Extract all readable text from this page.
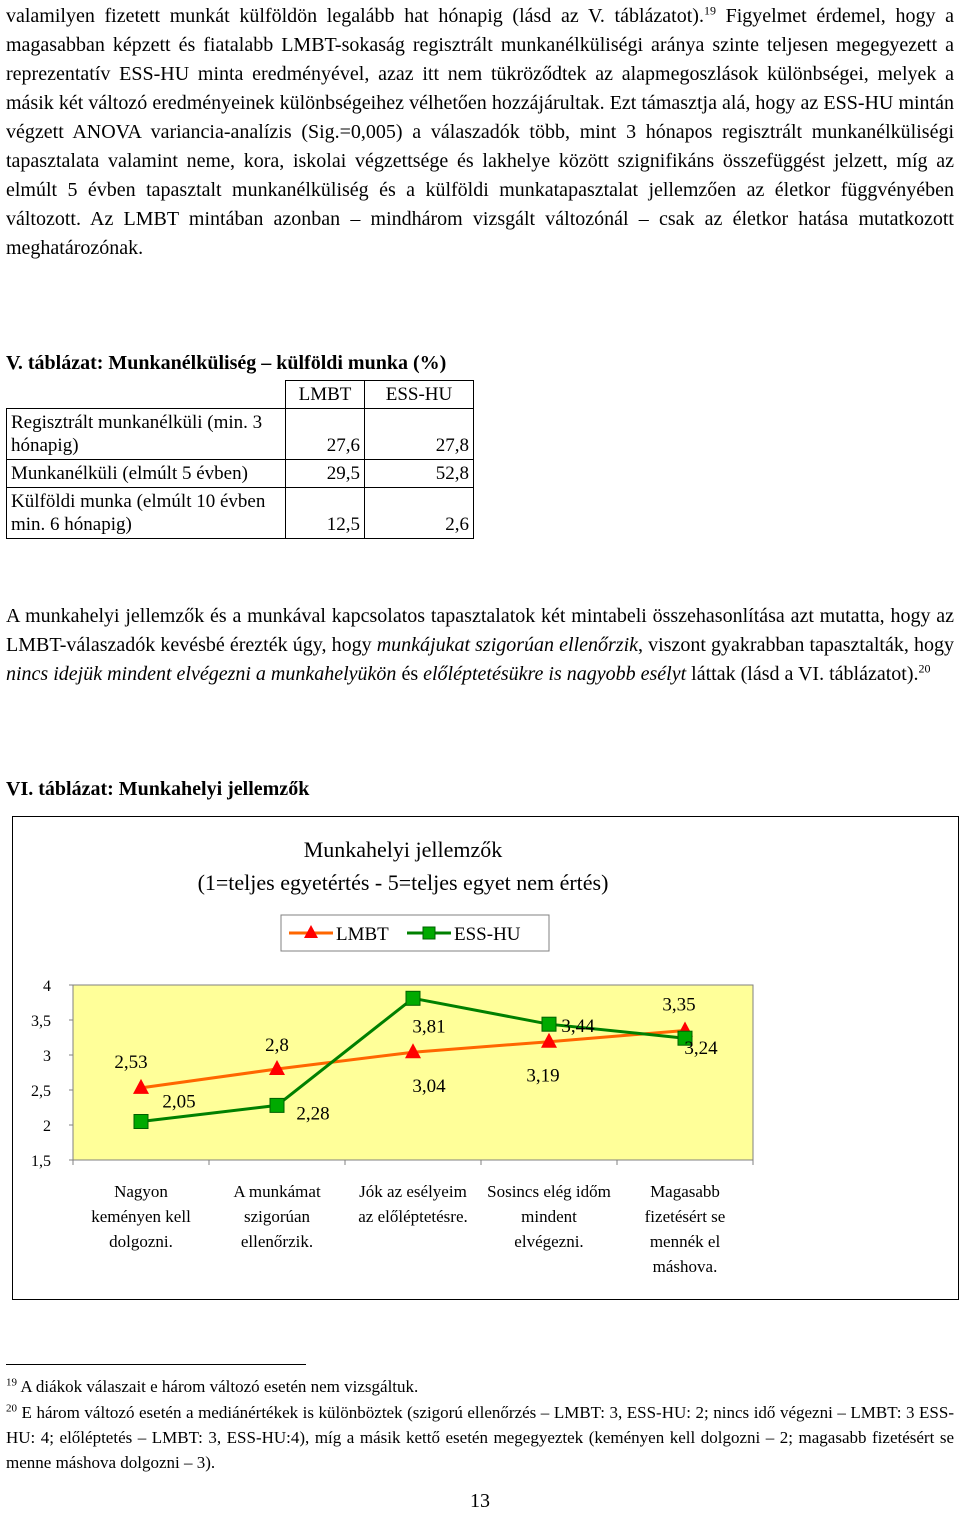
valamilyen fizetett munkát külföldön legalább hat hónapig (lásd az V. táblázatot).$^{19}$ Figyelmet érdemel, hogy a magasabban képzett és fiatalabb LMBT-sokaság regisztrált munkanélküliségi aránya szinte teljesen megegyezett a reprezentatív ESS-HU minta eredményével, azaz itt nem tükröződtek az alapmegoszlások különbségei, melyek a másik két változó eredményeinek különbségeihez vélhetően hozzájárultak. Ezt támasztja alá, hogy az ESS-HU mintán végzett ANOVA variancia-analízis (Sig.=0,005) a válaszadók több, mint 3 hónapos regisztrált munkanélküliségi tapasztalata valamint neme, kora, iskolai végzettsége és lakhelye között szignifikáns összefüggést jelzett, míg az elmúlt 5 évben tapasztalt munkanélküliség és a külföldi munkatapasztalat jellemzően az életkor függvényében változott. Az LMBT mintában azonban – mindhárom vizsgált változónál – csak az életkor hatása mutatkozott meghatározónak.

V. táblázat: Munkanélküliség – külföldi munka (%)

	LMBT	ESS-HU
Regisztrált munkanélküli (min. 3 hónapig)	27,6	27,8
Munkanélküli (elmúlt 5 évben)	29,5	52,8
Külföldi munka (elmúlt 10 évben min. 6 hónapig)	12,5	2,6

A munkahelyi jellemzők és a munkával kapcsolatos tapasztalatok két mintabeli összehasonlítása azt mutatta, hogy az LMBT-válaszadók kevésbé érezték úgy, hogy munkájukat szigorúan ellenőrzik, viszont gyakrabban tapasztalták, hogy nincs idejük mindent elvégezni a munkahelyükön és előléptetésükre is nagyobb esélyt láttak (lásd a VI. táblázatot).$^{20}$

VI. táblázat: Munkahelyi jellemzők

Munkahelyi jellemzők
(1=teljes egyetértés - 5=teljes egyet nem értés)
LMBT	ESS-HU
1,5
2
2,5
3
3,5
4
Nagyon
keményen kell
dolgozni.
A munkámat
szigorúan
ellenőrzik.
Jók az esélyeim
az előléptetésre.
Sosincs elég időm
mindent
elvégezni.
Magasabb
fizetésért se
mennék el
máshova.
2,53
2,8
3,04	3,19
3,35
2,05
2,28
3,81	3,44
3,24

$^{19}$ A diákok válaszait e három változó esetén nem vizsgáltuk.

$^{20}$ E három változó esetén a mediánértékek is különböztek (szigorú ellenőrzés – LMBT: 3, ESS-HU: 2; nincs idő végezni – LMBT: 3 ESS-HU: 4; előléptetés – LMBT: 3, ESS-HU:4), míg a másik kettő esetén megegyeztek (keményen kell dolgozni – 2; magasabb fizetésért se menne máshova dolgozni – 3).

13
